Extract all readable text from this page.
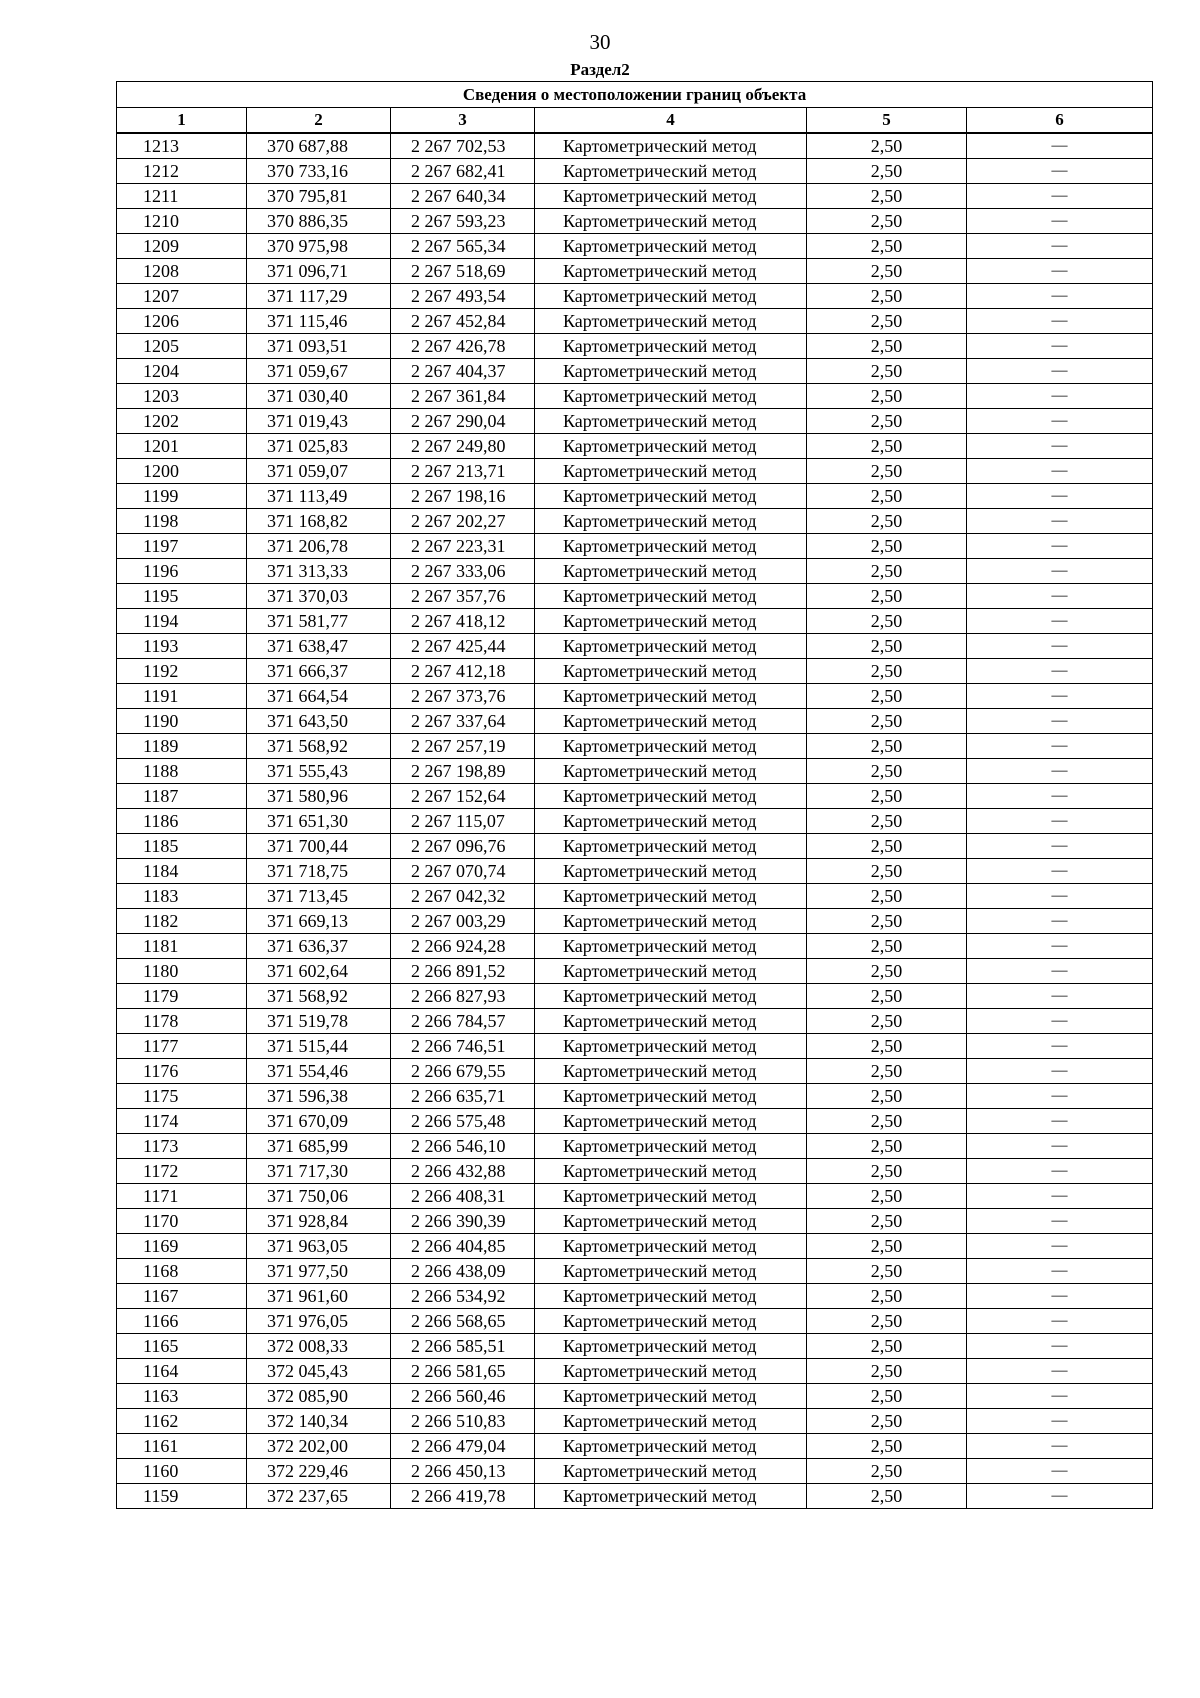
30
Раздел2
Сведения о местоположении границ объекта					
1	2	3	4	5	6
1213	370 687,88	2 267 702,53	Картометрический метод	2,50	—
1212	370 733,16	2 267 682,41	Картометрический метод	2,50	—
1211	370 795,81	2 267 640,34	Картометрический метод	2,50	—
1210	370 886,35	2 267 593,23	Картометрический метод	2,50	—
1209	370 975,98	2 267 565,34	Картометрический метод	2,50	—
1208	371 096,71	2 267 518,69	Картометрический метод	2,50	—
1207	371 117,29	2 267 493,54	Картометрический метод	2,50	—
1206	371 115,46	2 267 452,84	Картометрический метод	2,50	—
1205	371 093,51	2 267 426,78	Картометрический метод	2,50	—
1204	371 059,67	2 267 404,37	Картометрический метод	2,50	—
1203	371 030,40	2 267 361,84	Картометрический метод	2,50	—
1202	371 019,43	2 267 290,04	Картометрический метод	2,50	—
1201	371 025,83	2 267 249,80	Картометрический метод	2,50	—
1200	371 059,07	2 267 213,71	Картометрический метод	2,50	—
1199	371 113,49	2 267 198,16	Картометрический метод	2,50	—
1198	371 168,82	2 267 202,27	Картометрический метод	2,50	—
1197	371 206,78	2 267 223,31	Картометрический метод	2,50	—
1196	371 313,33	2 267 333,06	Картометрический метод	2,50	—
1195	371 370,03	2 267 357,76	Картометрический метод	2,50	—
1194	371 581,77	2 267 418,12	Картометрический метод	2,50	—
1193	371 638,47	2 267 425,44	Картометрический метод	2,50	—
1192	371 666,37	2 267 412,18	Картометрический метод	2,50	—
1191	371 664,54	2 267 373,76	Картометрический метод	2,50	—
1190	371 643,50	2 267 337,64	Картометрический метод	2,50	—
1189	371 568,92	2 267 257,19	Картометрический метод	2,50	—
1188	371 555,43	2 267 198,89	Картометрический метод	2,50	—
1187	371 580,96	2 267 152,64	Картометрический метод	2,50	—
1186	371 651,30	2 267 115,07	Картометрический метод	2,50	—
1185	371 700,44	2 267 096,76	Картометрический метод	2,50	—
1184	371 718,75	2 267 070,74	Картометрический метод	2,50	—
1183	371 713,45	2 267 042,32	Картометрический метод	2,50	—
1182	371 669,13	2 267 003,29	Картометрический метод	2,50	—
1181	371 636,37	2 266 924,28	Картометрический метод	2,50	—
1180	371 602,64	2 266 891,52	Картометрический метод	2,50	—
1179	371 568,92	2 266 827,93	Картометрический метод	2,50	—
1178	371 519,78	2 266 784,57	Картометрический метод	2,50	—
1177	371 515,44	2 266 746,51	Картометрический метод	2,50	—
1176	371 554,46	2 266 679,55	Картометрический метод	2,50	—
1175	371 596,38	2 266 635,71	Картометрический метод	2,50	—
1174	371 670,09	2 266 575,48	Картометрический метод	2,50	—
1173	371 685,99	2 266 546,10	Картометрический метод	2,50	—
1172	371 717,30	2 266 432,88	Картометрический метод	2,50	—
1171	371 750,06	2 266 408,31	Картометрический метод	2,50	—
1170	371 928,84	2 266 390,39	Картометрический метод	2,50	—
1169	371 963,05	2 266 404,85	Картометрический метод	2,50	—
1168	371 977,50	2 266 438,09	Картометрический метод	2,50	—
1167	371 961,60	2 266 534,92	Картометрический метод	2,50	—
1166	371 976,05	2 266 568,65	Картометрический метод	2,50	—
1165	372 008,33	2 266 585,51	Картометрический метод	2,50	—
1164	372 045,43	2 266 581,65	Картометрический метод	2,50	—
1163	372 085,90	2 266 560,46	Картометрический метод	2,50	—
1162	372 140,34	2 266 510,83	Картометрический метод	2,50	—
1161	372 202,00	2 266 479,04	Картометрический метод	2,50	—
1160	372 229,46	2 266 450,13	Картометрический метод	2,50	—
1159	372 237,65	2 266 419,78	Картометрический метод	2,50	—
